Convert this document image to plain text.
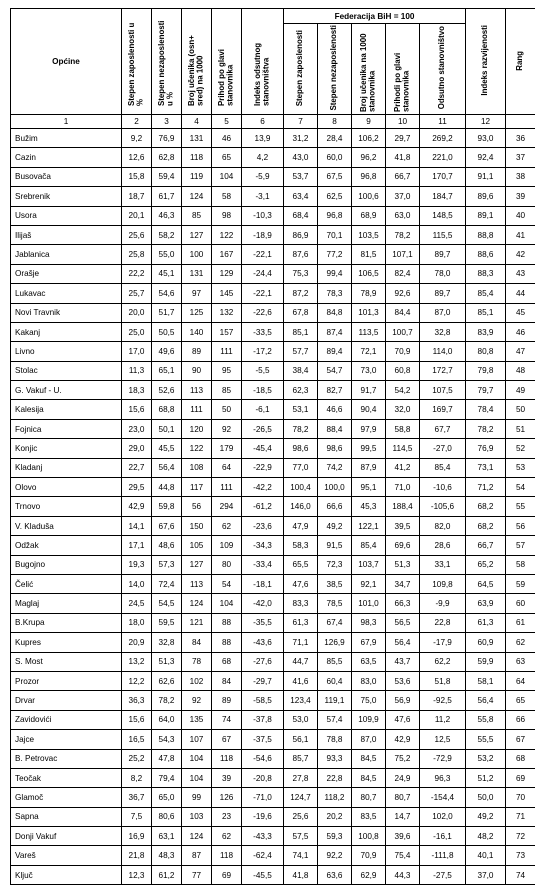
Općine	Stepen zaposlenosti u %	Stepen nezaposlenosti u %	Broj učenika (osn+ sred) na 1000	Prihod po glavi stanovnika	Indeks odsutnog stanovništva	Federacija BiH = 100					Indeks razvijenosti	Rang
						Stepen zaposlenosti	Stepen nezaposlenosti	Broj učenika na 1000 stanovnika	Prihodi po glavi stanovnika	Odsutno stanovništvo		
1	2	3	4	5	6	7	8	9	10	11	12	
Bužim	9,2	76,9	131	46	13,9	31,2	28,4	106,2	29,7	269,2	93,0	36
Cazin	12,6	62,8	118	65	4,2	43,0	60,0	96,2	41,8	221,0	92,4	37
Busovača	15,8	59,4	119	104	-5,9	53,7	67,5	96,8	66,7	170,7	91,1	38
Srebrenik	18,7	61,7	124	58	-3,1	63,4	62,5	100,6	37,0	184,7	89,6	39
Usora	20,1	46,3	85	98	-10,3	68,4	96,8	68,9	63,0	148,5	89,1	40
Ilijaš	25,6	58,2	127	122	-18,9	86,9	70,1	103,5	78,2	115,5	88,8	41
Jablanica	25,8	55,0	100	167	-22,1	87,6	77,2	81,5	107,1	89,7	88,6	42
Orašje	22,2	45,1	131	129	-24,4	75,3	99,4	106,5	82,4	78,0	88,3	43
Lukavac	25,7	54,6	97	145	-22,1	87,2	78,3	78,9	92,6	89,7	85,4	44
Novi Travnik	20,0	51,7	125	132	-22,6	67,8	84,8	101,3	84,4	87,0	85,1	45
Kakanj	25,0	50,5	140	157	-33,5	85,1	87,4	113,5	100,7	32,8	83,9	46
Livno	17,0	49,6	89	111	-17,2	57,7	89,4	72,1	70,9	114,0	80,8	47
Stolac	11,3	65,1	90	95	-5,5	38,4	54,7	73,0	60,8	172,7	79,8	48
G. Vakuf - U.	18,3	52,6	113	85	-18,5	62,3	82,7	91,7	54,2	107,5	79,7	49
Kalesija	15,6	68,8	111	50	-6,1	53,1	46,6	90,4	32,0	169,7	78,4	50
Fojnica	23,0	50,1	120	92	-26,5	78,2	88,4	97,9	58,8	67,7	78,2	51
Konjic	29,0	45,5	122	179	-45,4	98,6	98,6	99,5	114,5	-27,0	76,9	52
Kladanj	22,7	56,4	108	64	-22,9	77,0	74,2	87,9	41,2	85,4	73,1	53
Olovo	29,5	44,8	117	111	-42,2	100,4	100,0	95,1	71,0	-10,6	71,2	54
Trnovo	42,9	59,8	56	294	-61,2	146,0	66,6	45,3	188,4	-105,6	68,2	55
V. Kladuša	14,1	67,6	150	62	-23,6	47,9	49,2	122,1	39,5	82,0	68,2	56
Odžak	17,1	48,6	105	109	-34,3	58,3	91,5	85,4	69,6	28,6	66,7	57
Bugojno	19,3	57,3	127	80	-33,4	65,5	72,3	103,7	51,3	33,1	65,2	58
Čelić	14,0	72,4	113	54	-18,1	47,6	38,5	92,1	34,7	109,8	64,5	59
Maglaj	24,5	54,5	124	104	-42,0	83,3	78,5	101,0	66,3	-9,9	63,9	60
B.Krupa	18,0	59,5	121	88	-35,5	61,3	67,4	98,3	56,5	22,8	61,3	61
Kupres	20,9	32,8	84	88	-43,6	71,1	126,9	67,9	56,4	-17,9	60,9	62
S. Most	13,2	51,3	78	68	-27,6	44,7	85,5	63,5	43,7	62,2	59,9	63
Prozor	12,2	62,6	102	84	-29,7	41,6	60,4	83,0	53,6	51,8	58,1	64
Drvar	36,3	78,2	92	89	-58,5	123,4	119,1	75,0	56,9	-92,5	56,4	65
Zavidovići	15,6	64,0	135	74	-37,8	53,0	57,4	109,9	47,6	11,2	55,8	66
Jajce	16,5	54,3	107	67	-37,5	56,1	78,8	87,0	42,9	12,5	55,5	67
B. Petrovac	25,2	47,8	104	118	-54,6	85,7	93,3	84,5	75,2	-72,9	53,2	68
Teočak	8,2	79,4	104	39	-20,8	27,8	22,8	84,5	24,9	96,3	51,2	69
Glamoč	36,7	65,0	99	126	-71,0	124,7	118,2	80,7	80,7	-154,4	50,0	70
Sapna	7,5	80,6	103	23	-19,6	25,6	20,2	83,5	14,7	102,0	49,2	71
Donji Vakuf	16,9	63,1	124	62	-43,3	57,5	59,3	100,8	39,6	-16,1	48,2	72
Vareš	21,8	48,3	87	118	-62,4	74,1	92,2	70,9	75,4	-111,8	40,1	73
Ključ	12,3	61,2	77	69	-45,5	41,8	63,6	62,9	44,3	-27,5	37,0	74
